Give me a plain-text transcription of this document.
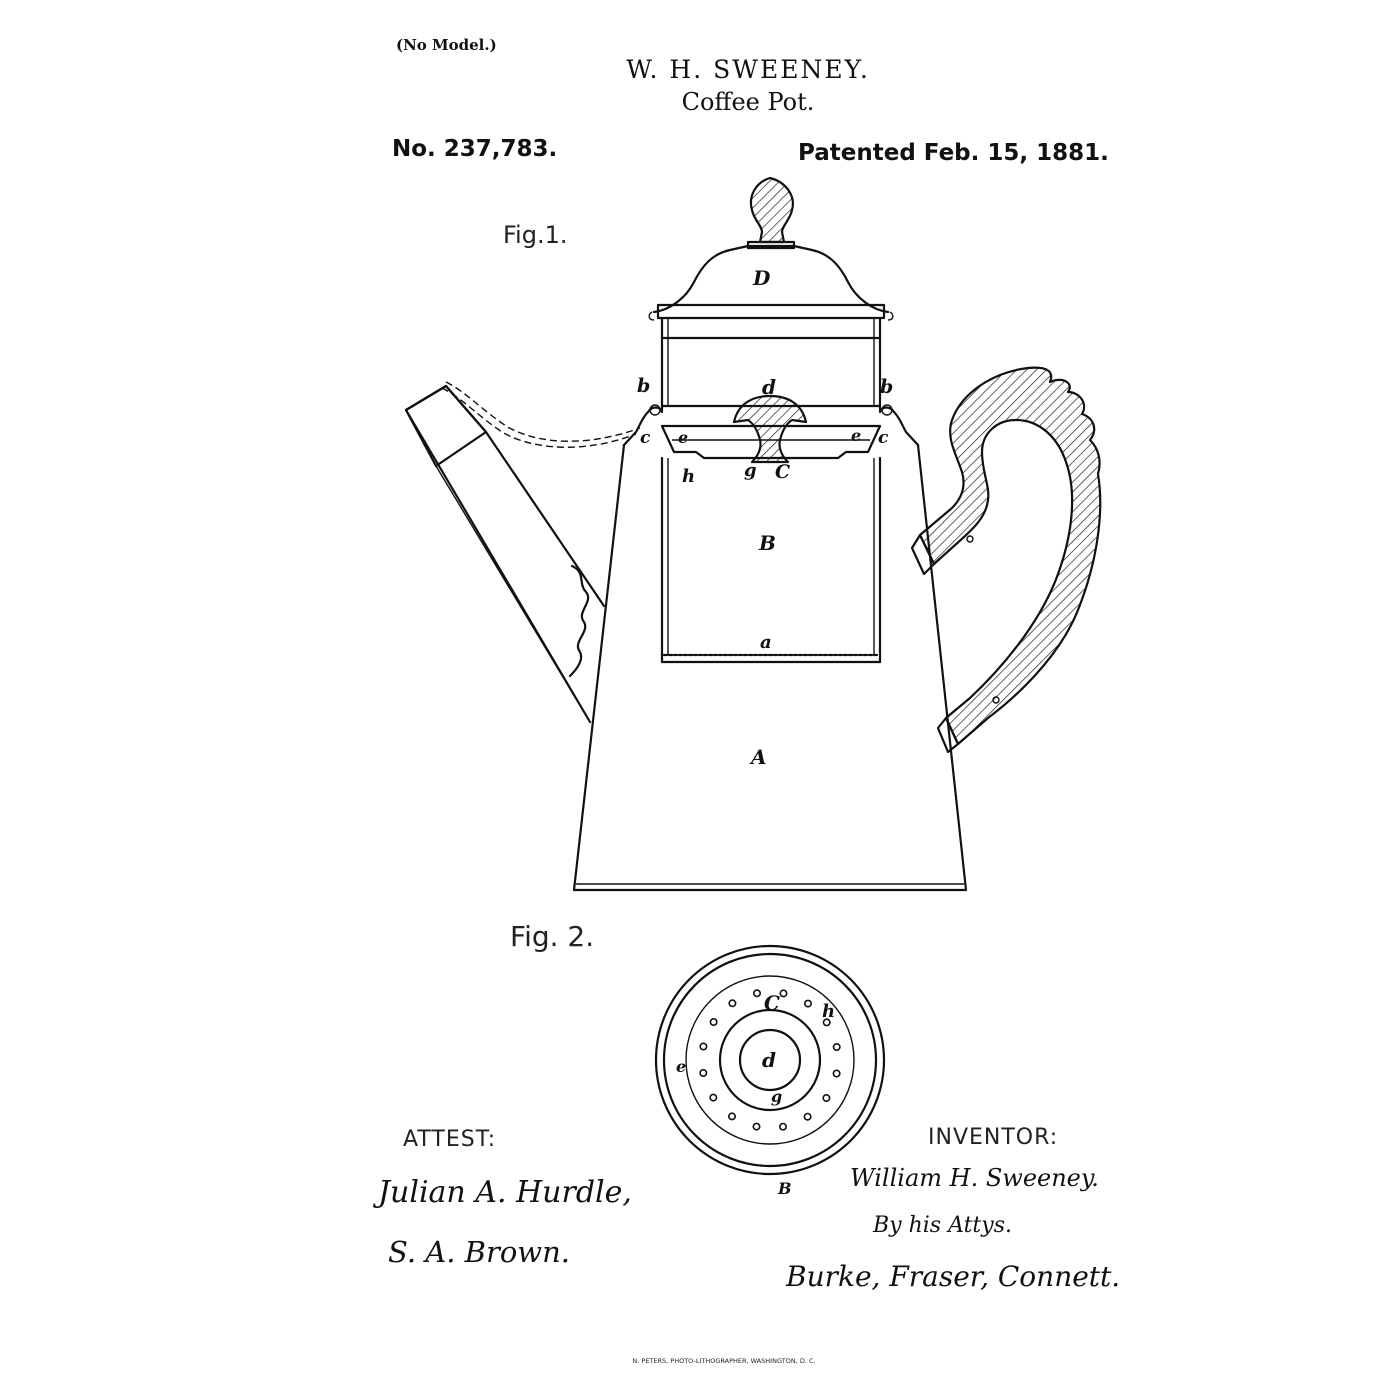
(No Model.)
W. H. SWEENEY.
Coffee Pot.
No. 237,783.	Patented Feb. 15, 1881.
Fig.1.
Fig. 2.
D
d
b	b
c	c
e	e
h	g C
B
a
A
C h
e	d
g
B
ATTEST:
Julian A. Hurdle,
S. A. Brown.
INVENTOR:
William H. Sweeney.
By his Attys.
Burke, Fraser, Connett.
N. PETERS, PHOTO-LITHOGRAPHER, WASHINGTON, D. C.
